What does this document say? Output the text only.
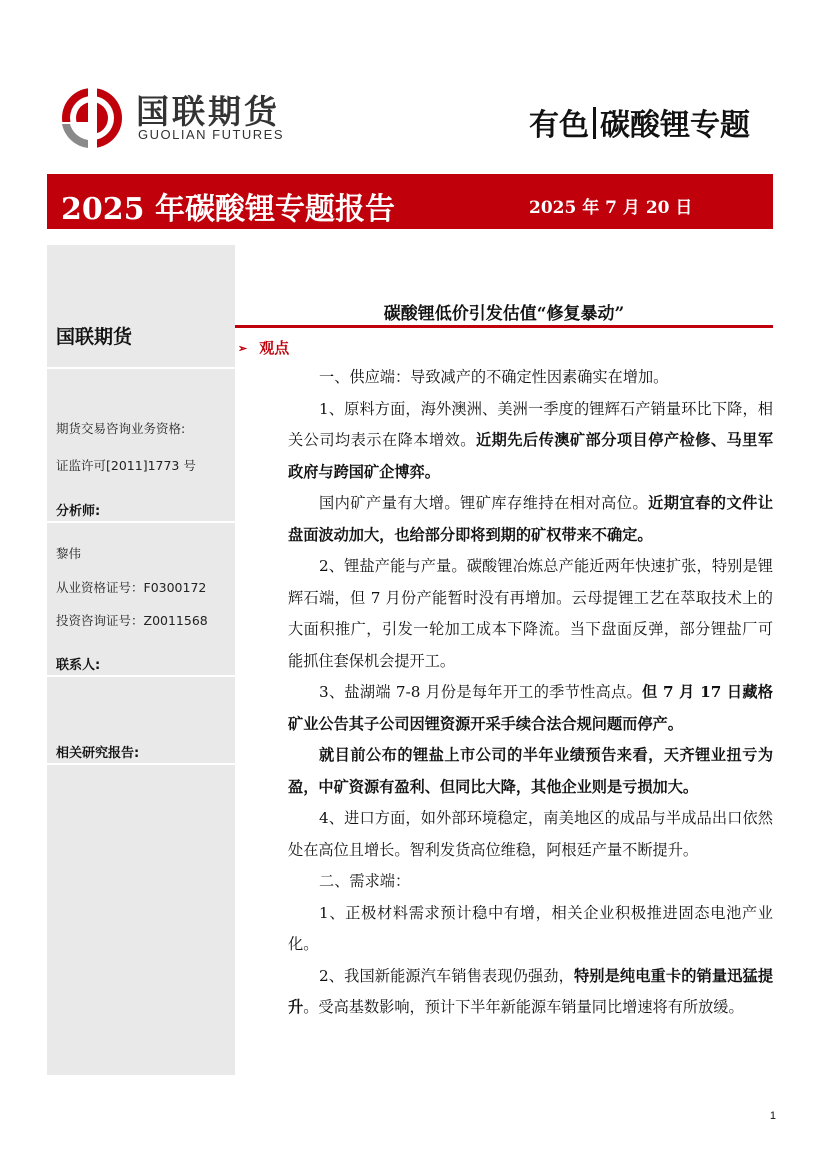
国联期货
GUOLIAN FUTURES	有色 碳酸锂专题
2025 年碳酸锂专题报告	2025 年 7 月 20 日
国联期货
期货交易咨询业务资格:
证监许可[2011]1773 号
分析师:
黎伟
从业资格证号：F0300172
投资咨询证号：Z0011568
联系人:
相关研究报告:
碳酸锂低价引发估值“修复暴动”
➢ 观点

一、供应端：导致减产的不确定性因素确实在增加。

1、原料方面，海外澳洲、美洲一季度的锂辉石产销量环比下降，相关公司均表示在降本增效。近期先后传澳矿部分项目停产检修、马里军政府与跨国矿企博弈。

国内矿产量有大增。锂矿库存维持在相对高位。近期宜春的文件让盘面波动加大，也给部分即将到期的矿权带来不确定。

2、锂盐产能与产量。碳酸锂冶炼总产能近两年快速扩张，特别是锂辉石端，但 7 月份产能暂时没有再增加。云母提锂工艺在萃取技术上的大面积推广，引发一轮加工成本下降流。当下盘面反弹，部分锂盐厂可能抓住套保机会提开工。

3、盐湖端 7-8 月份是每年开工的季节性高点。但 7 月 17 日藏格矿业公告其子公司因锂资源开采手续合法合规问题而停产。

就目前公布的锂盐上市公司的半年业绩预告来看，天齐锂业扭亏为盈，中矿资源有盈利、但同比大降，其他企业则是亏损加大。

4、进口方面，如外部环境稳定，南美地区的成品与半成品出口依然处在高位且增长。智利发货高位维稳，阿根廷产量不断提升。

二、需求端：

1、正极材料需求预计稳中有增，相关企业积极推进固态电池产业化。

2、我国新能源汽车销售表现仍强劲，特别是纯电重卡的销量迅猛提升。受高基数影响，预计下半年新能源车销量同比增速将有所放缓。

1
